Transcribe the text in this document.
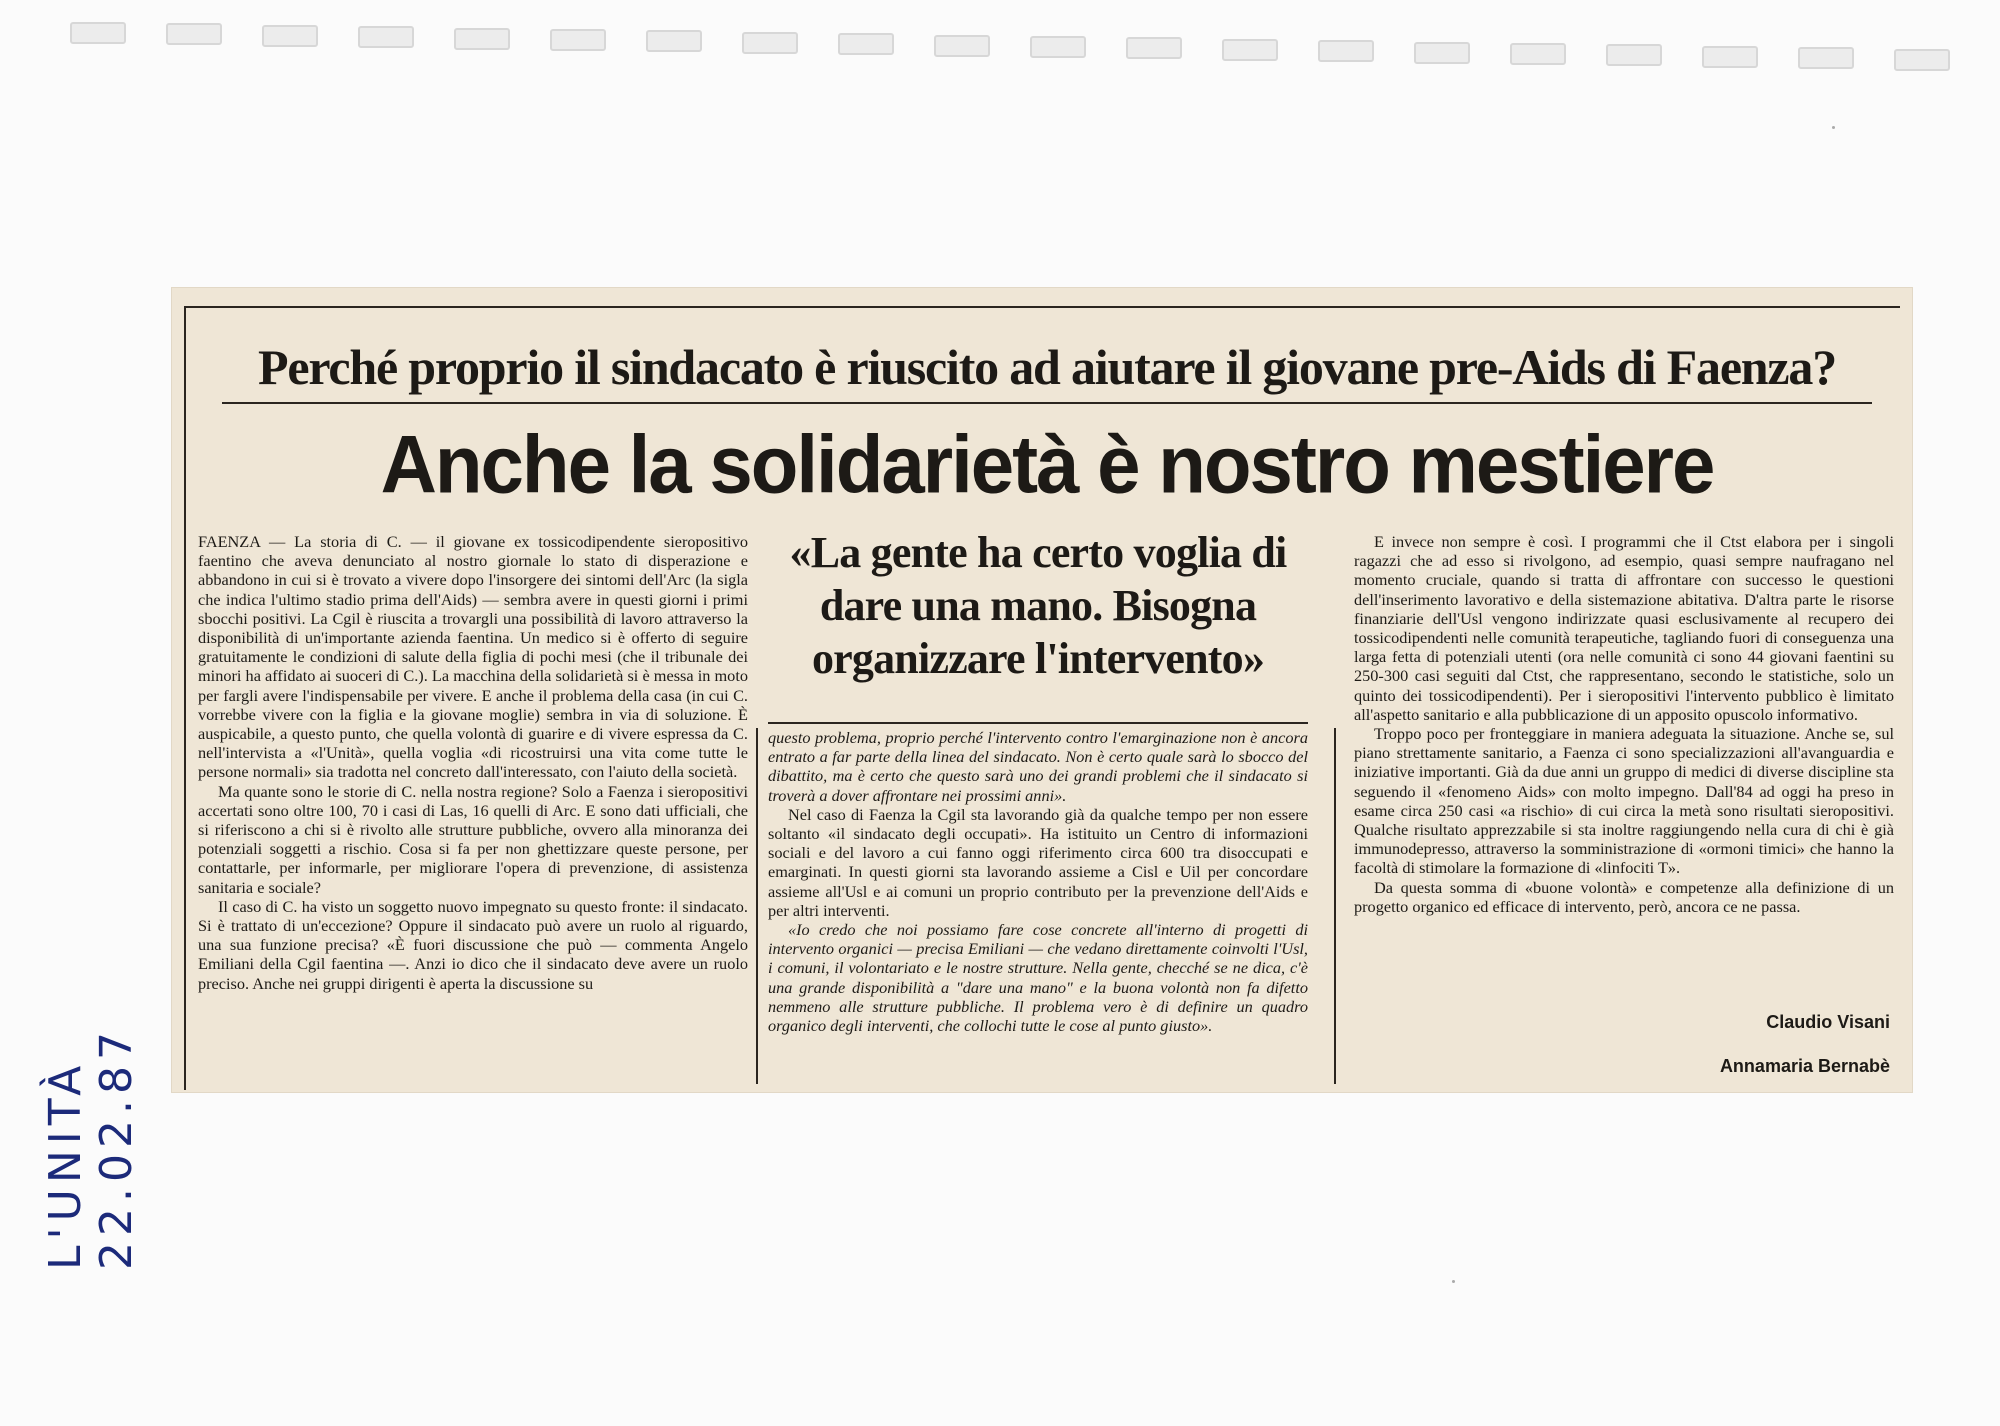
L'UNITÀ 22.02.87
Perché proprio il sindacato è riuscito ad aiutare il giovane pre-Aids di Faenza?
Anche la solidarietà è nostro mestiere

FAENZA — La storia di C. — il giovane ex tossicodipendente sieropositivo faentino che aveva denunciato al nostro giornale lo stato di disperazione e abbandono in cui si è trovato a vivere dopo l'insorgere dei sintomi dell'Arc (la sigla che indica l'ultimo stadio prima dell'Aids) — sembra avere in questi giorni i primi sbocchi positivi. La Cgil è riuscita a trovargli una possibilità di lavoro attraverso la disponibilità di un'importante azienda faentina. Un medico si è offerto di seguire gratuitamente le condizioni di salute della figlia di pochi mesi (che il tribunale dei minori ha affidato ai suoceri di C.). La macchina della solidarietà si è messa in moto per fargli avere l'indispensabile per vivere. E anche il problema della casa (in cui C. vorrebbe vivere con la figlia e la giovane moglie) sembra in via di soluzione. È auspicabile, a questo punto, che quella volontà di guarire e di vivere espressa da C. nell'intervista a «l'Unità», quella voglia «di ricostruirsi una vita come tutte le persone normali» sia tradotta nel concreto dall'interessato, con l'aiuto della società.

Ma quante sono le storie di C. nella nostra regione? Solo a Faenza i sieropositivi accertati sono oltre 100, 70 i casi di Las, 16 quelli di Arc. E sono dati ufficiali, che si riferiscono a chi si è rivolto alle strutture pubbliche, ovvero alla minoranza dei potenziali soggetti a rischio. Cosa si fa per non ghettizzare queste persone, per contattarle, per informarle, per migliorare l'opera di prevenzione, di assistenza sanitaria e sociale?

Il caso di C. ha visto un soggetto nuovo impegnato su questo fronte: il sindacato. Si è trattato di un'eccezione? Oppure il sindacato può avere un ruolo al riguardo, una sua funzione precisa? «È fuori discussione che può — commenta Angelo Emiliani della Cgil faentina —. Anzi io dico che il sindacato deve avere un ruolo preciso. Anche nei gruppi dirigenti è aperta la discussione su

«La gente ha certo voglia di dare una mano. Bisogna organizzare l'intervento»

questo problema, proprio perché l'intervento contro l'emarginazione non è ancora entrato a far parte della linea del sindacato. Non è certo quale sarà lo sbocco del dibattito, ma è certo che questo sarà uno dei grandi problemi che il sindacato si troverà a dover affrontare nei prossimi anni».

Nel caso di Faenza la Cgil sta lavorando già da qualche tempo per non essere soltanto «il sindacato degli occupati». Ha istituito un Centro di informazioni sociali e del lavoro a cui fanno oggi riferimento circa 600 tra disoccupati e emarginati. In questi giorni sta lavorando assieme a Cisl e Uil per concordare assieme all'Usl e ai comuni un proprio contributo per la prevenzione dell'Aids e per altri interventi.

«Io credo che noi possiamo fare cose concrete all'interno di progetti di intervento organici — precisa Emiliani — che vedano direttamente coinvolti l'Usl, i comuni, il volontariato e le nostre strutture. Nella gente, checché se ne dica, c'è una grande disponibilità a "dare una mano" e la buona volontà non fa difetto nemmeno alle strutture pubbliche. Il problema vero è di definire un quadro organico degli interventi, che collochi tutte le cose al punto giusto».

E invece non sempre è così. I programmi che il Ctst elabora per i singoli ragazzi che ad esso si rivolgono, ad esempio, quasi sempre naufragano nel momento cruciale, quando si tratta di affrontare con successo le questioni dell'inserimento lavorativo e della sistemazione abitativa. D'altra parte le risorse finanziarie dell'Usl vengono indirizzate quasi esclusivamente al recupero dei tossicodipendenti nelle comunità terapeutiche, tagliando fuori di conseguenza una larga fetta di potenziali utenti (ora nelle comunità ci sono 44 giovani faentini su 250-300 casi seguiti dal Ctst, che rappresentano, secondo le statistiche, solo un quinto dei tossicodipendenti). Per i sieropositivi l'intervento pubblico è limitato all'aspetto sanitario e alla pubblicazione di un apposito opuscolo informativo.

Troppo poco per fronteggiare in maniera adeguata la situazione. Anche se, sul piano strettamente sanitario, a Faenza ci sono specializzazioni all'avanguardia e iniziative importanti. Già da due anni un gruppo di medici di diverse discipline sta seguendo il «fenomeno Aids» con molto impegno. Dall'84 ad oggi ha preso in esame circa 250 casi «a rischio» di cui circa la metà sono risultati sieropositivi. Qualche risultato apprezzabile si sta inoltre raggiungendo nella cura di chi è già immunodepresso, attraverso la somministrazione di «ormoni timici» che hanno la facoltà di stimolare la formazione di «linfociti T».

Da questa somma di «buone volontà» e competenze alla definizione di un progetto organico ed efficace di intervento, però, ancora ce ne passa.

Claudio Visani
Annamaria Bernabè
